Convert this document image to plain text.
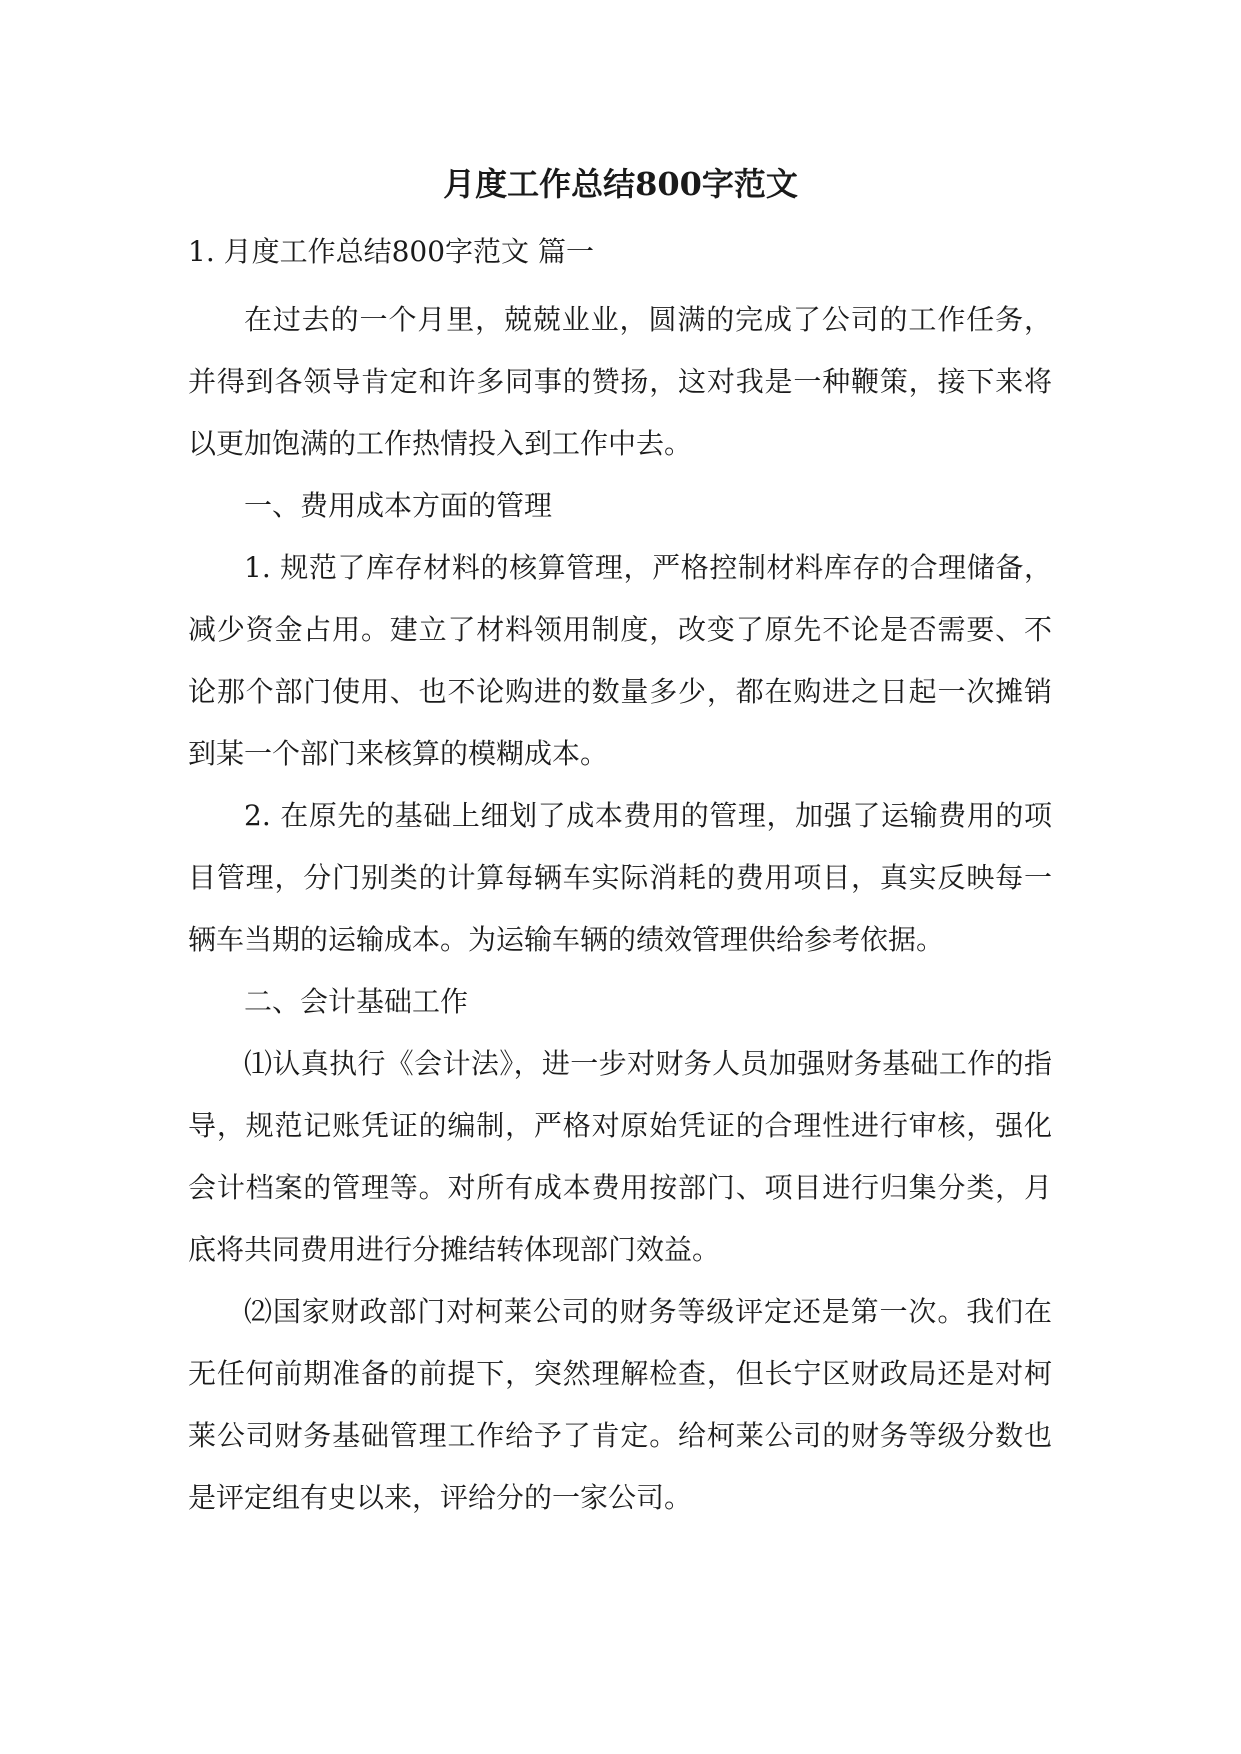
月度工作总结800字范文
1. 月度工作总结800字范文 篇一

在过去的一个月里，兢兢业业，圆满的完成了公司的工作任务，并得到各领导肯定和许多同事的赞扬，这对我是一种鞭策，接下来将以更加饱满的工作热情投入到工作中去。

一、费用成本方面的管理

1. 规范了库存材料的核算管理，严格控制材料库存的合理储备，减少资金占用。建立了材料领用制度，改变了原先不论是否需要、不论那个部门使用、也不论购进的数量多少，都在购进之日起一次摊销到某一个部门来核算的模糊成本。

2. 在原先的基础上细划了成本费用的管理，加强了运输费用的项目管理，分门别类的计算每辆车实际消耗的费用项目，真实反映每一辆车当期的运输成本。为运输车辆的绩效管理供给参考依据。

二、会计基础工作

⑴认真执行《会计法》，进一步对财务人员加强财务基础工作的指导，规范记账凭证的编制，严格对原始凭证的合理性进行审核，强化会计档案的管理等。对所有成本费用按部门、项目进行归集分类，月底将共同费用进行分摊结转体现部门效益。

⑵国家财政部门对柯莱公司的财务等级评定还是第一次。我们在无任何前期准备的前提下，突然理解检查，但长宁区财政局还是对柯莱公司财务基础管理工作给予了肯定。给柯莱公司的财务等级分数也是评定组有史以来，评给分的一家公司。
